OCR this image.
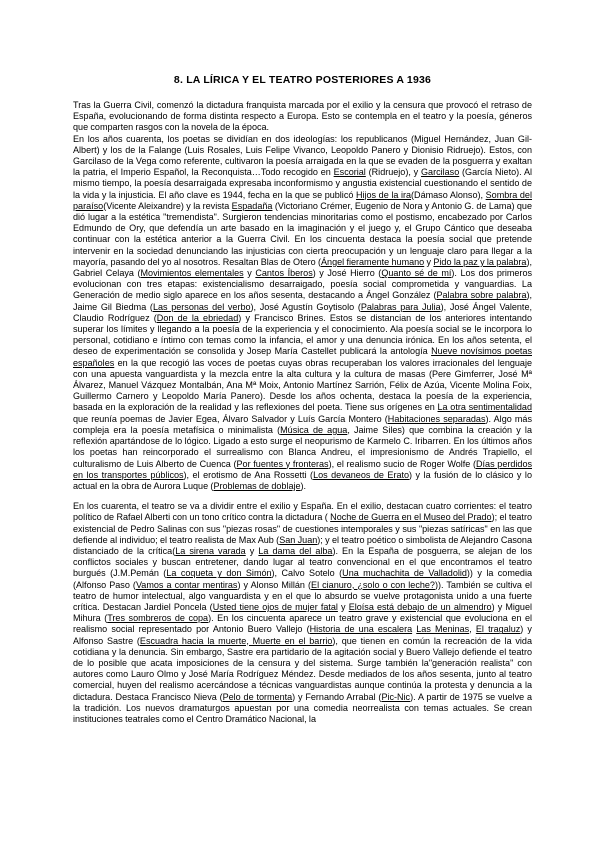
8. LA LÍRICA Y EL TEATRO POSTERIORES A 1936

Tras la Guerra Civil, comenzó la dictadura franquista marcada por el exilio y la censura que provocó el retraso de España, evolucionando de forma distinta respecto a Europa. Esto se contempla en el teatro y la poesía, géneros que comparten rasgos con la novela de la época.

En los años cuarenta, los poetas se dividían en dos ideologías: los republicanos (Miguel Hernández, Juan Gil-Albert) y los de la Falange (Luis Rosales, Luis Felipe Vivanco, Leopoldo Panero y Dionisio Ridruejo). Estos, con Garcilaso de la Vega como referente, cultivaron la poesía arraigada en la que se evaden de la posguerra y exaltan la patria, el Imperio Español, la Reconquista…Todo recogido en Escorial (Ridruejo), y Garcilaso (García Nieto). Al mismo tiempo, la poesía desarraigada expresaba inconformismo y angustia existencial cuestionando el sentido de la vida y la injusticia. El año clave es 1944, fecha en la que se publicó Hijos de la ira(Dámaso Alonso), Sombra del paraíso(Vicente Aleixandre) y la revista Espadaña (Victoriano Crémer, Eugenio de Nora y Antonio G. de Lama) que dió lugar a la estética "tremendista". Surgieron tendencias minoritarias como el postismo, encabezado por Carlos Edmundo de Ory, que defendía un arte basado en la imaginación y el juego y, el Grupo Cántico que deseaba continuar con la estética anterior a la Guerra Civil. En los cincuenta destaca la poesía social que pretende intervenir en la sociedad denunciando las injusticias con cierta preocupación y un lenguaje claro para llegar a la mayoría, pasando del yo al nosotros. Resaltan Blas de Otero (Ángel fieramente humano y Pido la paz y la palabra), Gabriel Celaya (Movimientos elementales y Cantos Íberos) y José Hierro (Quanto sé de mí). Los dos primeros evolucionan con tres etapas: existencialismo desarraigado, poesía social comprometida y vanguardias. La Generación de medio siglo aparece en los años sesenta, destacando a Ángel González (Palabra sobre palabra), Jaime Gil Biedma (Las personas del verbo), José Agustín Goytisolo (Palabras para Julia), José Ángel Valente, Claudio Rodríguez (Don de la ebriedad) y Francisco Brines. Estos se distancian de los anteriores intentando superar los límites y llegando a la poesía de la experiencia y el conocimiento. Ala poesía social se le incorpora lo personal, cotidiano e íntimo con temas como la infancia, el amor y una denuncia irónica. En los años setenta, el deseo de experimentación se consolida y Josep María Castellet publicará la antología Nueve novísimos poetas españoles en la que recogió las voces de poetas cuyas obras recuperaban los valores irracionales del lenguaje con una apuesta vanguardista y la mezcla entre la alta cultura y la cultura de masas (Pere Gimferrer, José Mª Álvarez, Manuel Vázquez Montalbán, Ana Mª Moix, Antonio Martínez Sarrión, Félix de Azúa, Vicente Molina Foix, Guillermo Carnero y Leopoldo María Panero). Desde los años ochenta, destaca la poesía de la experiencia, basada en la exploración de la realidad y las reflexiones del poeta. Tiene sus orígenes en La otra sentimentalidad que reunía poemas de Javier Egea, Álvaro Salvador y Luís García Montero (Habitaciones separadas). Algo más compleja era la poesía metafísica o minimalista (Música de agua, Jaime Siles) que combina la creación y la reflexión apartándose de lo lógico. Ligado a esto surge el neopurismo de Karmelo C. Iribarren. En los últimos años los poetas han reincorporado el surrealismo con Blanca Andreu, el impresionismo de Andrés Trapiello, el culturalismo de Luis Alberto de Cuenca (Por fuentes y fronteras), el realismo sucio de Roger Wolfe (Días perdidos en los transportes públicos), el erotismo de Ana Rossetti (Los devaneos de Erato) y la fusión de lo clásico y lo actual en la obra de Aurora Luque (Problemas de doblaje).

En los cuarenta, el teatro se va a dividir entre el exilio y España. En el exilio, destacan cuatro corrientes: el teatro político de Rafael Alberti con un tono crítico contra la dictadura ( Noche de Guerra en el Museo del Prado); el teatro existencial de Pedro Salinas con sus "piezas rosas" de cuestiones intemporales y sus "piezas satíricas" en las que defiende al individuo; el teatro realista de Max Aub (San Juan); y el teatro poético o simbolista de Alejandro Casona distanciado de la crítica(La sirena varada y La dama del alba). En la España de posguerra, se alejan de los conflictos sociales y buscan entretener, dando lugar al teatro convencional en el que encontramos el teatro burgués (J.M.Pemán (La coqueta y don Simón), Calvo Sotelo (Una muchachita de Valladolid)) y la comedia (Alfonso Paso (Vamos a contar mentiras) y Alonso Millán (El cianuro, ¿solo o con leche?)). También se cultiva el teatro de humor intelectual, algo vanguardista y en el que lo absurdo se vuelve protagonista unido a una fuerte crítica. Destacan Jardiel Poncela (Usted tiene ojos de mujer fatal y Eloísa está debajo de un almendro) y Miguel Mihura (Tres sombreros de copa). En los cincuenta aparece un teatro grave y existencial que evoluciona en el realismo social representado por Antonio Buero Vallejo (Historia de una escalera Las Meninas, El tragaluz) y Alfonso Sastre (Escuadra hacia la muerte, Muerte en el barrio), que tienen en común la recreación de la vida cotidiana y la denuncia. Sin embargo, Sastre era partidario de la agitación social y Buero Vallejo defiende el teatro de lo posible que acata imposiciones de la censura y del sistema. Surge también la"generación realista" con autores como Lauro Olmo y José María Rodríguez Méndez. Desde mediados de los años sesenta, junto al teatro comercial, huyen del realismo acercándose a técnicas vanguardistas aunque continúa la protesta y denuncia a la dictadura. Destaca Francisco Nieva (Pelo de tormenta) y Fernando Arrabal (Pic-Nic). A partir de 1975 se vuelve a la tradición. Los nuevos dramaturgos apuestan por una comedia neorrealista con temas actuales. Se crean instituciones teatrales como el Centro Dramático Nacional, la
